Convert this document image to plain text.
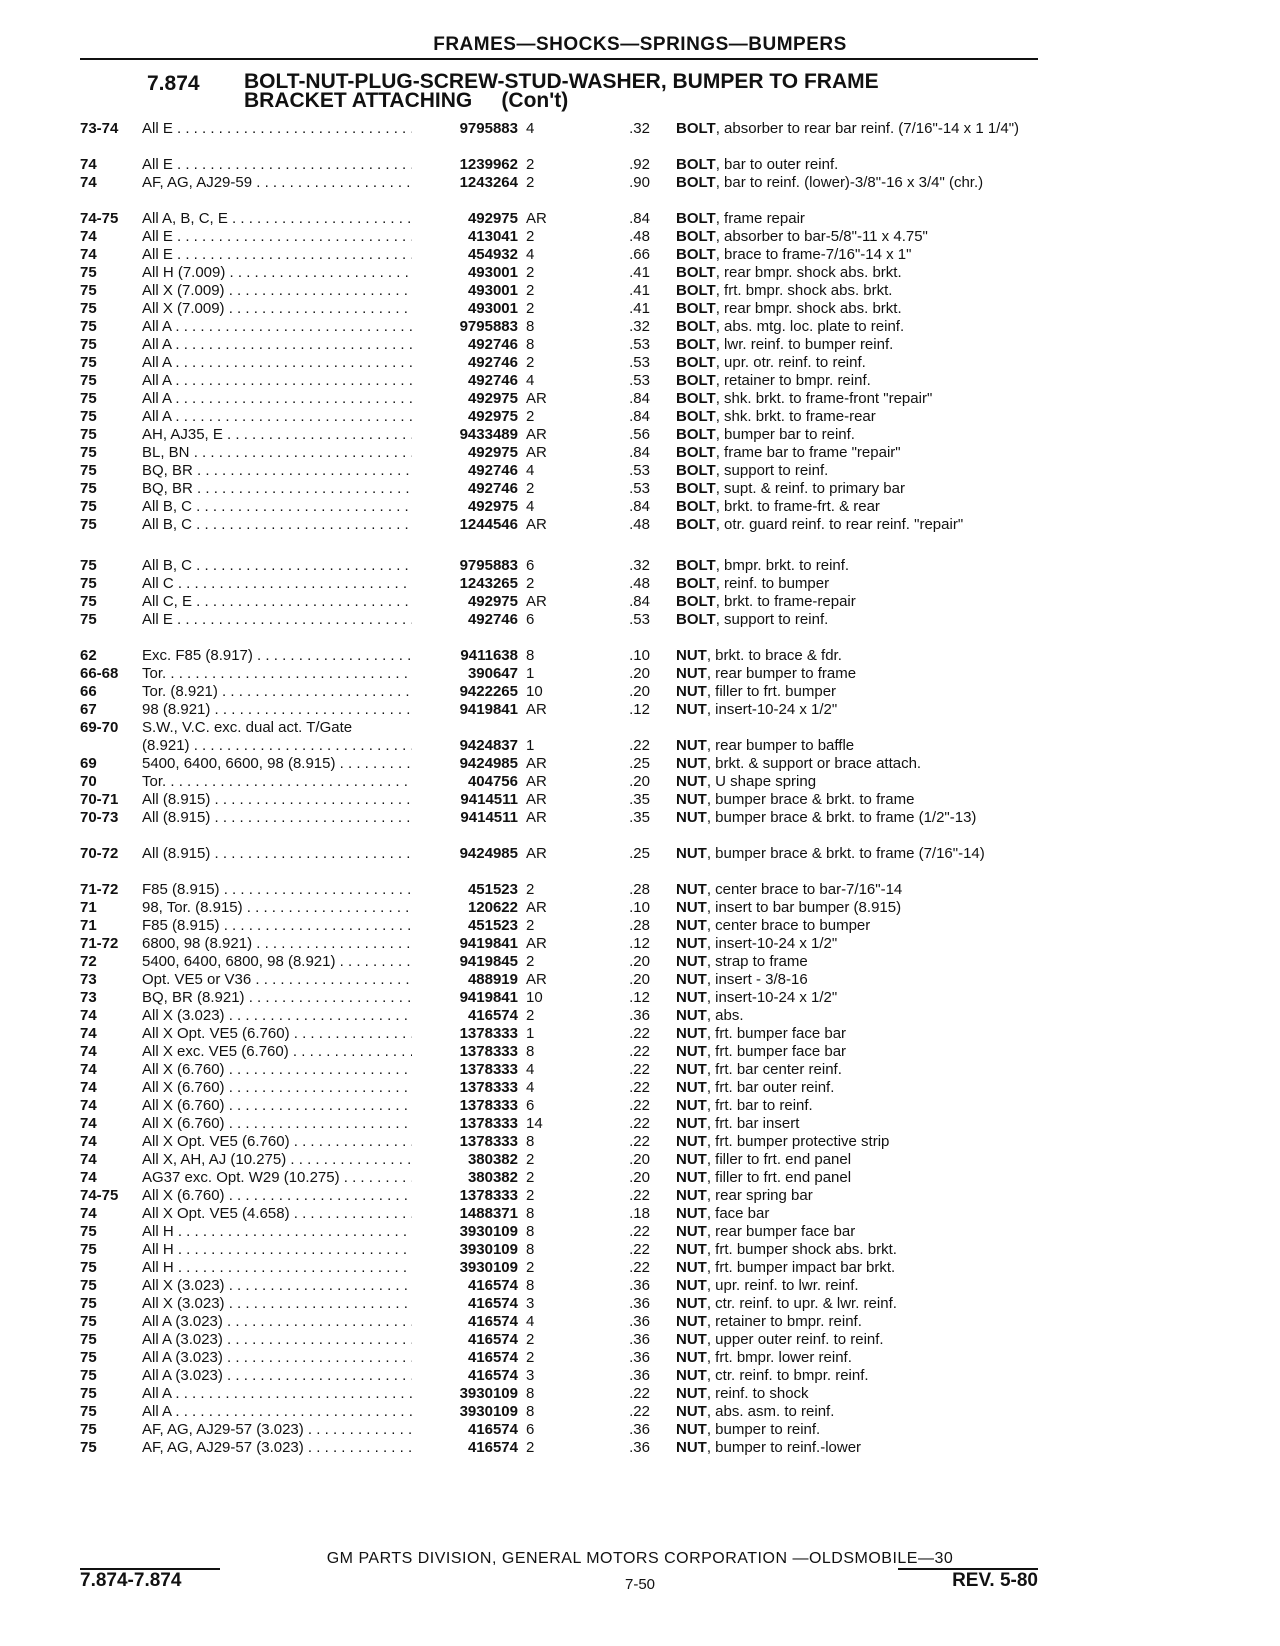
FRAMES—SHOCKS—SPRINGS—BUMPERS
7.874 BOLT-NUT-PLUG-SCREW-STUD-WASHER, BUMPER TO FRAME
BRACKET ATTACHING     (Con't)
73-74	All E . . .	9795883 4	.32 BOLT, absorber to rear bar reinf. (7/16"-14 x 1 1/4")
74	All E . . .	1239962 2	.92 BOLT, bar to outer reinf.
74	AF, AG, AJ29-59 . . .	1243264 2	.90 BOLT, bar to reinf. (lower)-3/8"-16 x 3/4" (chr.)
74-75	All A, B, C, E . . .	492975 AR	.84 BOLT, frame repair
74	All E . . .	413041 2	.48 BOLT, absorber to bar-5/8"-11 x 4.75"
74	All E . . .	454932 4	.66 BOLT, brace to frame-7/16"-14 x 1"
75	All H (7.009) . . .	493001 2	.41 BOLT, rear bmpr. shock abs. brkt.
75	All X (7.009) . . .	493001 2	.41 BOLT, frt. bmpr. shock abs. brkt.
75	All X (7.009) . . .	493001 2	.41 BOLT, rear bmpr. shock abs. brkt.
75	All A . . .	9795883 8	.32 BOLT, abs. mtg. loc. plate to reinf.
75	All A . . .	492746 8	.53 BOLT, lwr. reinf. to bumper reinf.
75	All A . . .	492746 2	.53 BOLT, upr. otr. reinf. to reinf.
75	All A . . .	492746 4	.53 BOLT, retainer to bmpr. reinf.
75	All A . . .	492975 AR	.84 BOLT, shk. brkt. to frame-front "repair"
75	All A . . .	492975 2	.84 BOLT, shk. brkt. to frame-rear
75	AH, AJ35, E . . .	9433489 AR	.56 BOLT, bumper bar to reinf.
75	BL, BN . . .	492975 AR	.84 BOLT, frame bar to frame "repair"
75	BQ, BR . . .	492746 4	.53 BOLT, support to reinf.
75	BQ, BR . . .	492746 2	.53 BOLT, supt. & reinf. to primary bar
75	All B, C . . .	492975 4	.84 BOLT, brkt. to frame-frt. & rear
75	All B, C . . .	1244546 AR	.48 BOLT, otr. guard reinf. to rear reinf. "repair"
75	All B, C . . .	9795883 6	.32 BOLT, bmpr. brkt. to reinf.
75	All C . . .	1243265 2	.48 BOLT, reinf. to bumper
75	All C, E . . .	492975 AR	.84 BOLT, brkt. to frame-repair
75	All E . . .	492746 6	.53 BOLT, support to reinf.
62	Exc. F85 (8.917) . . .	9411638 8	.10 NUT, brkt. to brace & fdr.
66-68	Tor. . . .	390647 1	.20 NUT, rear bumper to frame
66	Tor. (8.921) . . .	9422265 10	.20 NUT, filler to frt. bumper
67	98 (8.921) . . .	9419841 AR	.12 NUT, insert-10-24 x 1/2"
69-70	S.W., V.C. exc. dual act. T/Gate
(8.921) . . .	9424837 1	.22 NUT, rear bumper to baffle
69	5400, 6400, 6600, 98 (8.915) . . .	9424985 AR	.25 NUT, brkt. & support or brace attach.
70	Tor. . . .	404756 AR	.20 NUT, U shape spring
70-71	All (8.915) . . .	9414511 AR	.35 NUT, bumper brace & brkt. to frame
70-73	All (8.915) . . .	9414511 AR	.35 NUT, bumper brace & brkt. to frame (1/2"-13)
70-72	All (8.915) . . .	9424985 AR	.25 NUT, bumper brace & brkt. to frame (7/16"-14)
71-72	F85 (8.915) . . .	451523 2	.28 NUT, center brace to bar-7/16"-14
71	98, Tor. (8.915) . . .	120622 AR	.10 NUT, insert to bar bumper (8.915)
71	F85 (8.915) . . .	451523 2	.28 NUT, center brace to bumper
71-72	6800, 98 (8.921) . . .	9419841 AR	.12 NUT, insert-10-24 x 1/2"
72	5400, 6400, 6800, 98 (8.921) . . .	9419845 2	.20 NUT, strap to frame
73	Opt. VE5 or V36 . . .	488919 AR	.20 NUT, insert - 3/8-16
73	BQ, BR (8.921) . . .	9419841 10	.12 NUT, insert-10-24 x 1/2"
74	All X (3.023) . . .	416574 2	.36 NUT, abs.
74	All X Opt. VE5 (6.760) . . .	1378333 1	.22 NUT, frt. bumper face bar
74	All X exc. VE5 (6.760) . . .	1378333 8	.22 NUT, frt. bumper face bar
74	All X (6.760) . . .	1378333 4	.22 NUT, frt. bar center reinf.
74	All X (6.760) . . .	1378333 4	.22 NUT, frt. bar outer reinf.
74	All X (6.760) . . .	1378333 6	.22 NUT, frt. bar to reinf.
74	All X (6.760) . . .	1378333 14	.22 NUT, frt. bar insert
74	All X Opt. VE5 (6.760) . . .	1378333 8	.22 NUT, frt. bumper protective strip
74	All X, AH, AJ (10.275) . . .	380382 2	.20 NUT, filler to frt. end panel
74	AG37 exc. Opt. W29 (10.275) . . .	380382 2	.20 NUT, filler to frt. end panel
74-75	All X (6.760) . . .	1378333 2	.22 NUT, rear spring bar
74	All X Opt. VE5 (4.658) . . .	1488371 8	.18 NUT, face bar
75	All H . . .	3930109 8	.22 NUT, rear bumper face bar
75	All H . . .	3930109 8	.22 NUT, frt. bumper shock abs. brkt.
75	All H . . .	3930109 2	.22 NUT, frt. bumper impact bar brkt.
75	All X (3.023) . . .	416574 8	.36 NUT, upr. reinf. to lwr. reinf.
75	All X (3.023) . . .	416574 3	.36 NUT, ctr. reinf. to upr. & lwr. reinf.
75	All A (3.023) . . .	416574 4	.36 NUT, retainer to bmpr. reinf.
75	All A (3.023) . . .	416574 2	.36 NUT, upper outer reinf. to reinf.
75	All A (3.023) . . .	416574 2	.36 NUT, frt. bmpr. lower reinf.
75	All A (3.023) . . .	416574 3	.36 NUT, ctr. reinf. to bmpr. reinf.
75	All A . . .	3930109 8	.22 NUT, reinf. to shock
75	All A . . .	3930109 8	.22 NUT, abs. asm. to reinf.
75	AF, AG, AJ29-57 (3.023) . . .	416574 6	.36 NUT, bumper to reinf.
75	AF, AG, AJ29-57 (3.023) . . .	416574 2	.36 NUT, bumper to reinf.-lower
GM PARTS DIVISION, GENERAL MOTORS CORPORATION —OLDSMOBILE—30
7.874-7.874	7-50	REV. 5-80
